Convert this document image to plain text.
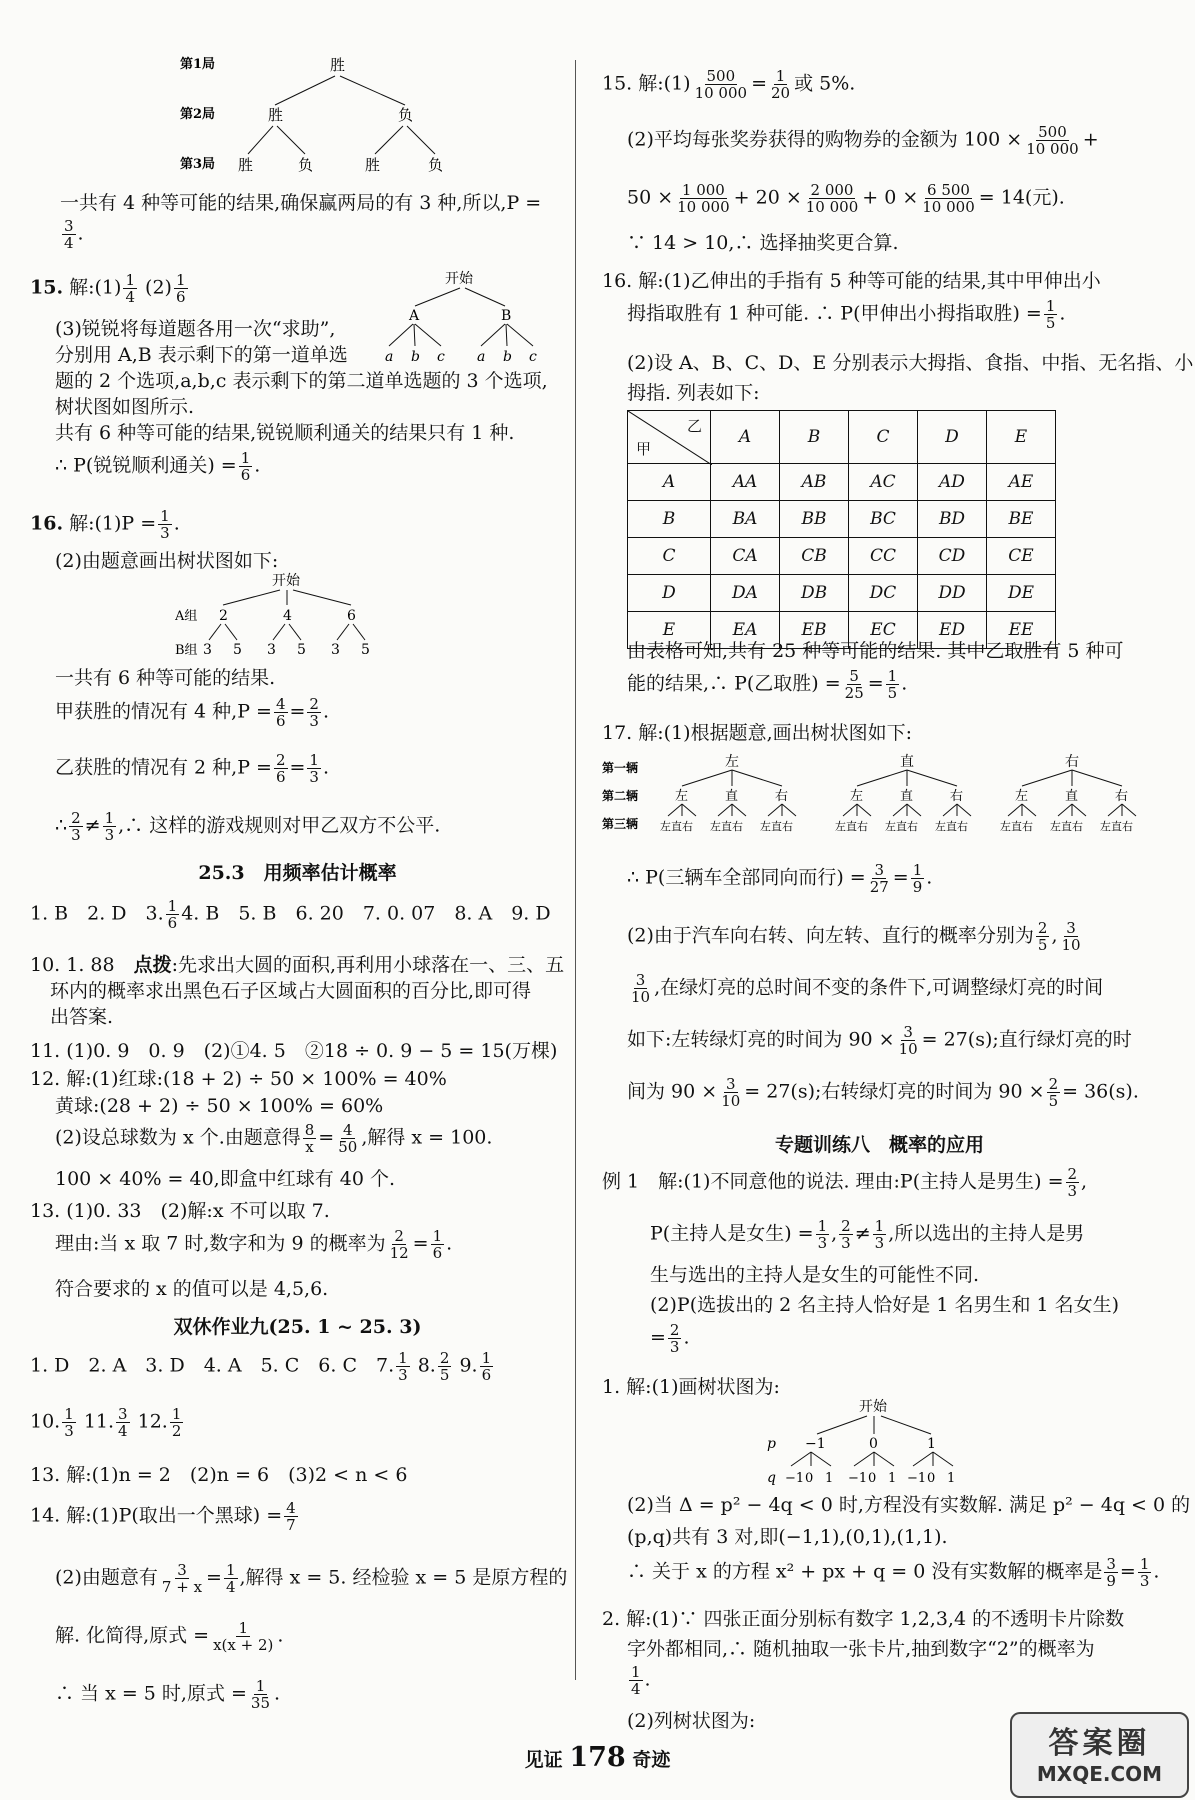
第1局
第2局
第3局
胜
胜	负
胜	负	胜	负
一共有 4 种等可能的结果,确保赢两局的有 3 种,所以,P =
$\frac{3}{4}$ .
15. 解:(1) $\frac{1}{4} (2) \frac{1}{6}$	开始
A	B
a b c a b c
(3)锐锐将每道题各用一次“求助”,
分别用 A,B 表示剩下的第一道单选
题的 2 个选项,a,b,c 表示剩下的第二道单选题的 3 个选项,
树状图如图所示.
共有 6 种等可能的结果,锐锐顺利通关的结果只有 1 种.
∴ P(锐锐顺利通关) = $\frac{1}{6}$ .
16. 解:(1)P = $\frac{1}{3}$ .
(2)由题意画出树状图如下:
开始
A组 2	4	6
B组 3 5 3 5 3 5
一共有 6 种等可能的结果.
甲获胜的情况有 4 种$,P = \frac{4}{6} = \frac{2}{3}$ .
乙获胜的情况有 2 种$,P = \frac{2}{6} = \frac{1}{3}$ .
∴ $\frac{2}{3} \ne \frac{1}{3}$ ,∴ 这样的游戏规则对甲乙双方不公平.
25.3　用频率估计概率
1. B　2. D　3. $\frac{1}{6} 4$. B　5. B　6. 20　7. 0. 07　8. A　9. D
10. 1. 88　点拨:先求出大圆的面积,再利用小球落在一、三、五
环内的概率求出黑色石子区域占大圆面积的百分比,即可得
出答案.
11. (1)0. 9　0. 9　(2)①4. 5　②18 ÷ 0. 9 − 5 = 15(万棵)
12. 解:(1)红球:(18 + 2) ÷ 50 × 100% = 40%
黄球:(28 + 2) ÷ 50 × 100% = 60%
(2)设总球数为 x 个.由题意得 $\frac{8}{x} = \frac{4}{50}$ ,解得 x = 100.
100 × 40% = 40,即盒中红球有 40 个.
13. (1)0. 33　(2)解:x 不可以取 7.
理由:当 x 取 7 时,数字和为 9 的概率为 $\frac{2}{12} = \frac{1}{6}$ .
符合要求的 x 的值可以是 4,5,6.
双休作业九(25. 1 ~ 25. 3)
1. D　2. A　3. D　4. A　5. C　6. C　7. $\frac{1}{3} 8$. $\frac{2}{5} 9$. $\frac{1}{6}$
10. $\frac{1}{3} 11$. $\frac{3}{4} 12$. $\frac{1}{2}$
13. 解:(1)n = 2　(2)n = 6　(3)2 < n < 6
14. 解:(1)P(取出一个黑球) = $\frac{4}{7}$
(2)由题意有 $\frac{3}{7 + x} = \frac{1}{4}$ ,解得 x = 5. 经检验 x = 5 是原方程的
解. 化简得,原式 = $\frac{1}{x(x + 2)}$ .
∴ 当 x = 5 时,原式 = $\frac{1}{35}$ .
15. 解:(1) $\frac{500}{10 000} = \frac{1}{20}$ 或 5%.
(2)平均每张奖券获得的购物券的金额为 $100 \times \frac{500}{10 000}$ +
$50 \times \frac{1 000}{10 000} + 20 \times \frac{2 000}{10 000} + 0 \times \frac{6 500}{10 000} = 14$(元).
∵ 14 > 10,∴ 选择抽奖更合算.
16. 解:(1)乙伸出的手指有 5 种等可能的结果,其中甲伸出小
拇指取胜有 1 种可能. ∴ P(甲伸出小拇指取胜) = $\frac{1}{5}$ .
(2)设 A、B、C、D、E 分别表示大拇指、食指、中指、无名指、小
拇指. 列表如下:
乙
甲	A	B	C	D	E
A	AA	AB	AC	AD	AE
B	BA	BB	BC	BD	BE
C	CA	CB	CC	CD	CE
D	DA	DB	DC	DD	DE
E	EA	EB	EC	ED	EE
由表格可知,共有 25 种等可能的结果. 其中乙取胜有 5 种可
能的结果,∴ P(乙取胜) = $\frac{5}{25} = \frac{1}{5}$ .
17. 解:(1)根据题意,画出树状图如下:
第一辆
第二辆
第三辆
左
左
左直右
直
左直右
右
左直右
直
左
左直右
直
左直右
右
左直右
右
左
左直右
直
左直右
右
左直右
∴ P(三辆车全部同向而行) = $\frac{3}{27} = \frac{1}{9}$ .
(2)由于汽车向右转、向左转、直行的概率分别为 $\frac{2}{5}$ , $\frac{3}{10}$
$\frac{3}{10}$ ,在绿灯亮的总时间不变的条件下,可调整绿灯亮的时间
如下:左转绿灯亮的时间为 $90 \times \frac{3}{10} = 27(s)$;直行绿灯亮的时
间为 $90 \times \frac{3}{10} = 27(s)$;右转绿灯亮的时间为 $90 \times \frac{2}{5} = 36(s)$.
专题训练八　概率的应用
例 1　解:(1)不同意他的说法. 理由:P(主持人是男生) = $\frac{2}{3}$ ,
P(主持人是女生) = $\frac{1}{3}$ , $\frac{2}{3} \ne \frac{1}{3}$ ,所以选出的主持人是男
生与选出的主持人是女生的可能性不同.
(2)P(选拔出的 2 名主持人恰好是 1 名男生和 1 名女生)
= $\frac{2}{3}$ .
1. 解:(1)画树状图为:
开始
p −1	0	1
−1 0 1 −1 0 1 −1 0 1
q
(2)当 Δ = p² − 4q < 0 时,方程没有实数解. 满足 p² − 4q < 0 的
(p,q)共有 3 对,即(−1,1),(0,1),(1,1).
∴ 关于 x 的方程 x² + px + q = 0 没有实数解的概率是 $\frac{3}{9} = \frac{1}{3}$ .
2. 解:(1)∵ 四张正面分别标有数字 1,2,3,4 的不透明卡片除数
字外都相同,∴ 随机抽取一张卡片,抽到数字“2”的概率为
$\frac{1}{4}$ .
(2)列树状图为:
见证 178 奇迹	答案圈
MXQE.COM
